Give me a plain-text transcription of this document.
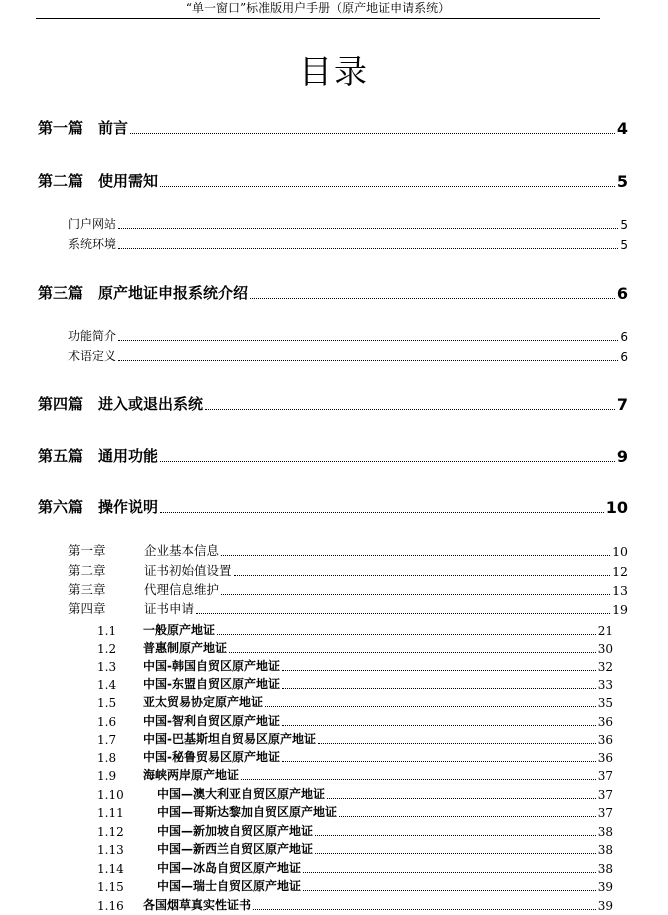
“单一窗口”标准版用户手册（原产地证申请系统）
目录
第一篇 前言	4
第二篇 使用需知	5
门户网站	5
系统环境	5
第三篇 原产地证申报系统介绍	6
功能简介	6
术语定义	6
第四篇 进入或退出系统	7
第五篇 通用功能	9
第六篇 操作说明	10
第一章	企业基本信息	10
第二章	证书初始值设置	12
第三章	代理信息维护	13
第四章	证书申请	19
1.1	一般原产地证	21
1.2	普惠制原产地证	30
1.3	中国-韩国自贸区原产地证	32
1.4	中国-东盟自贸区原产地证	33
1.5	亚太贸易协定原产地证	35
1.6	中国-智利自贸区原产地证	36
1.7	中国-巴基斯坦自贸易区原产地证	36
1.8	中国-秘鲁贸易区原产地证	36
1.9	海峡两岸原产地证	37
1.10	中国—澳大利亚自贸区原产地证	37
1.11	中国—哥斯达黎加自贸区原产地证	37
1.12	中国—新加坡自贸区原产地证	38
1.13	中国—新西兰自贸区原产地证	38
1.14	中国—冰岛自贸区原产地证	38
1.15	中国—瑞士自贸区原产地证	39
1.16	各国烟草真实性证书	39
